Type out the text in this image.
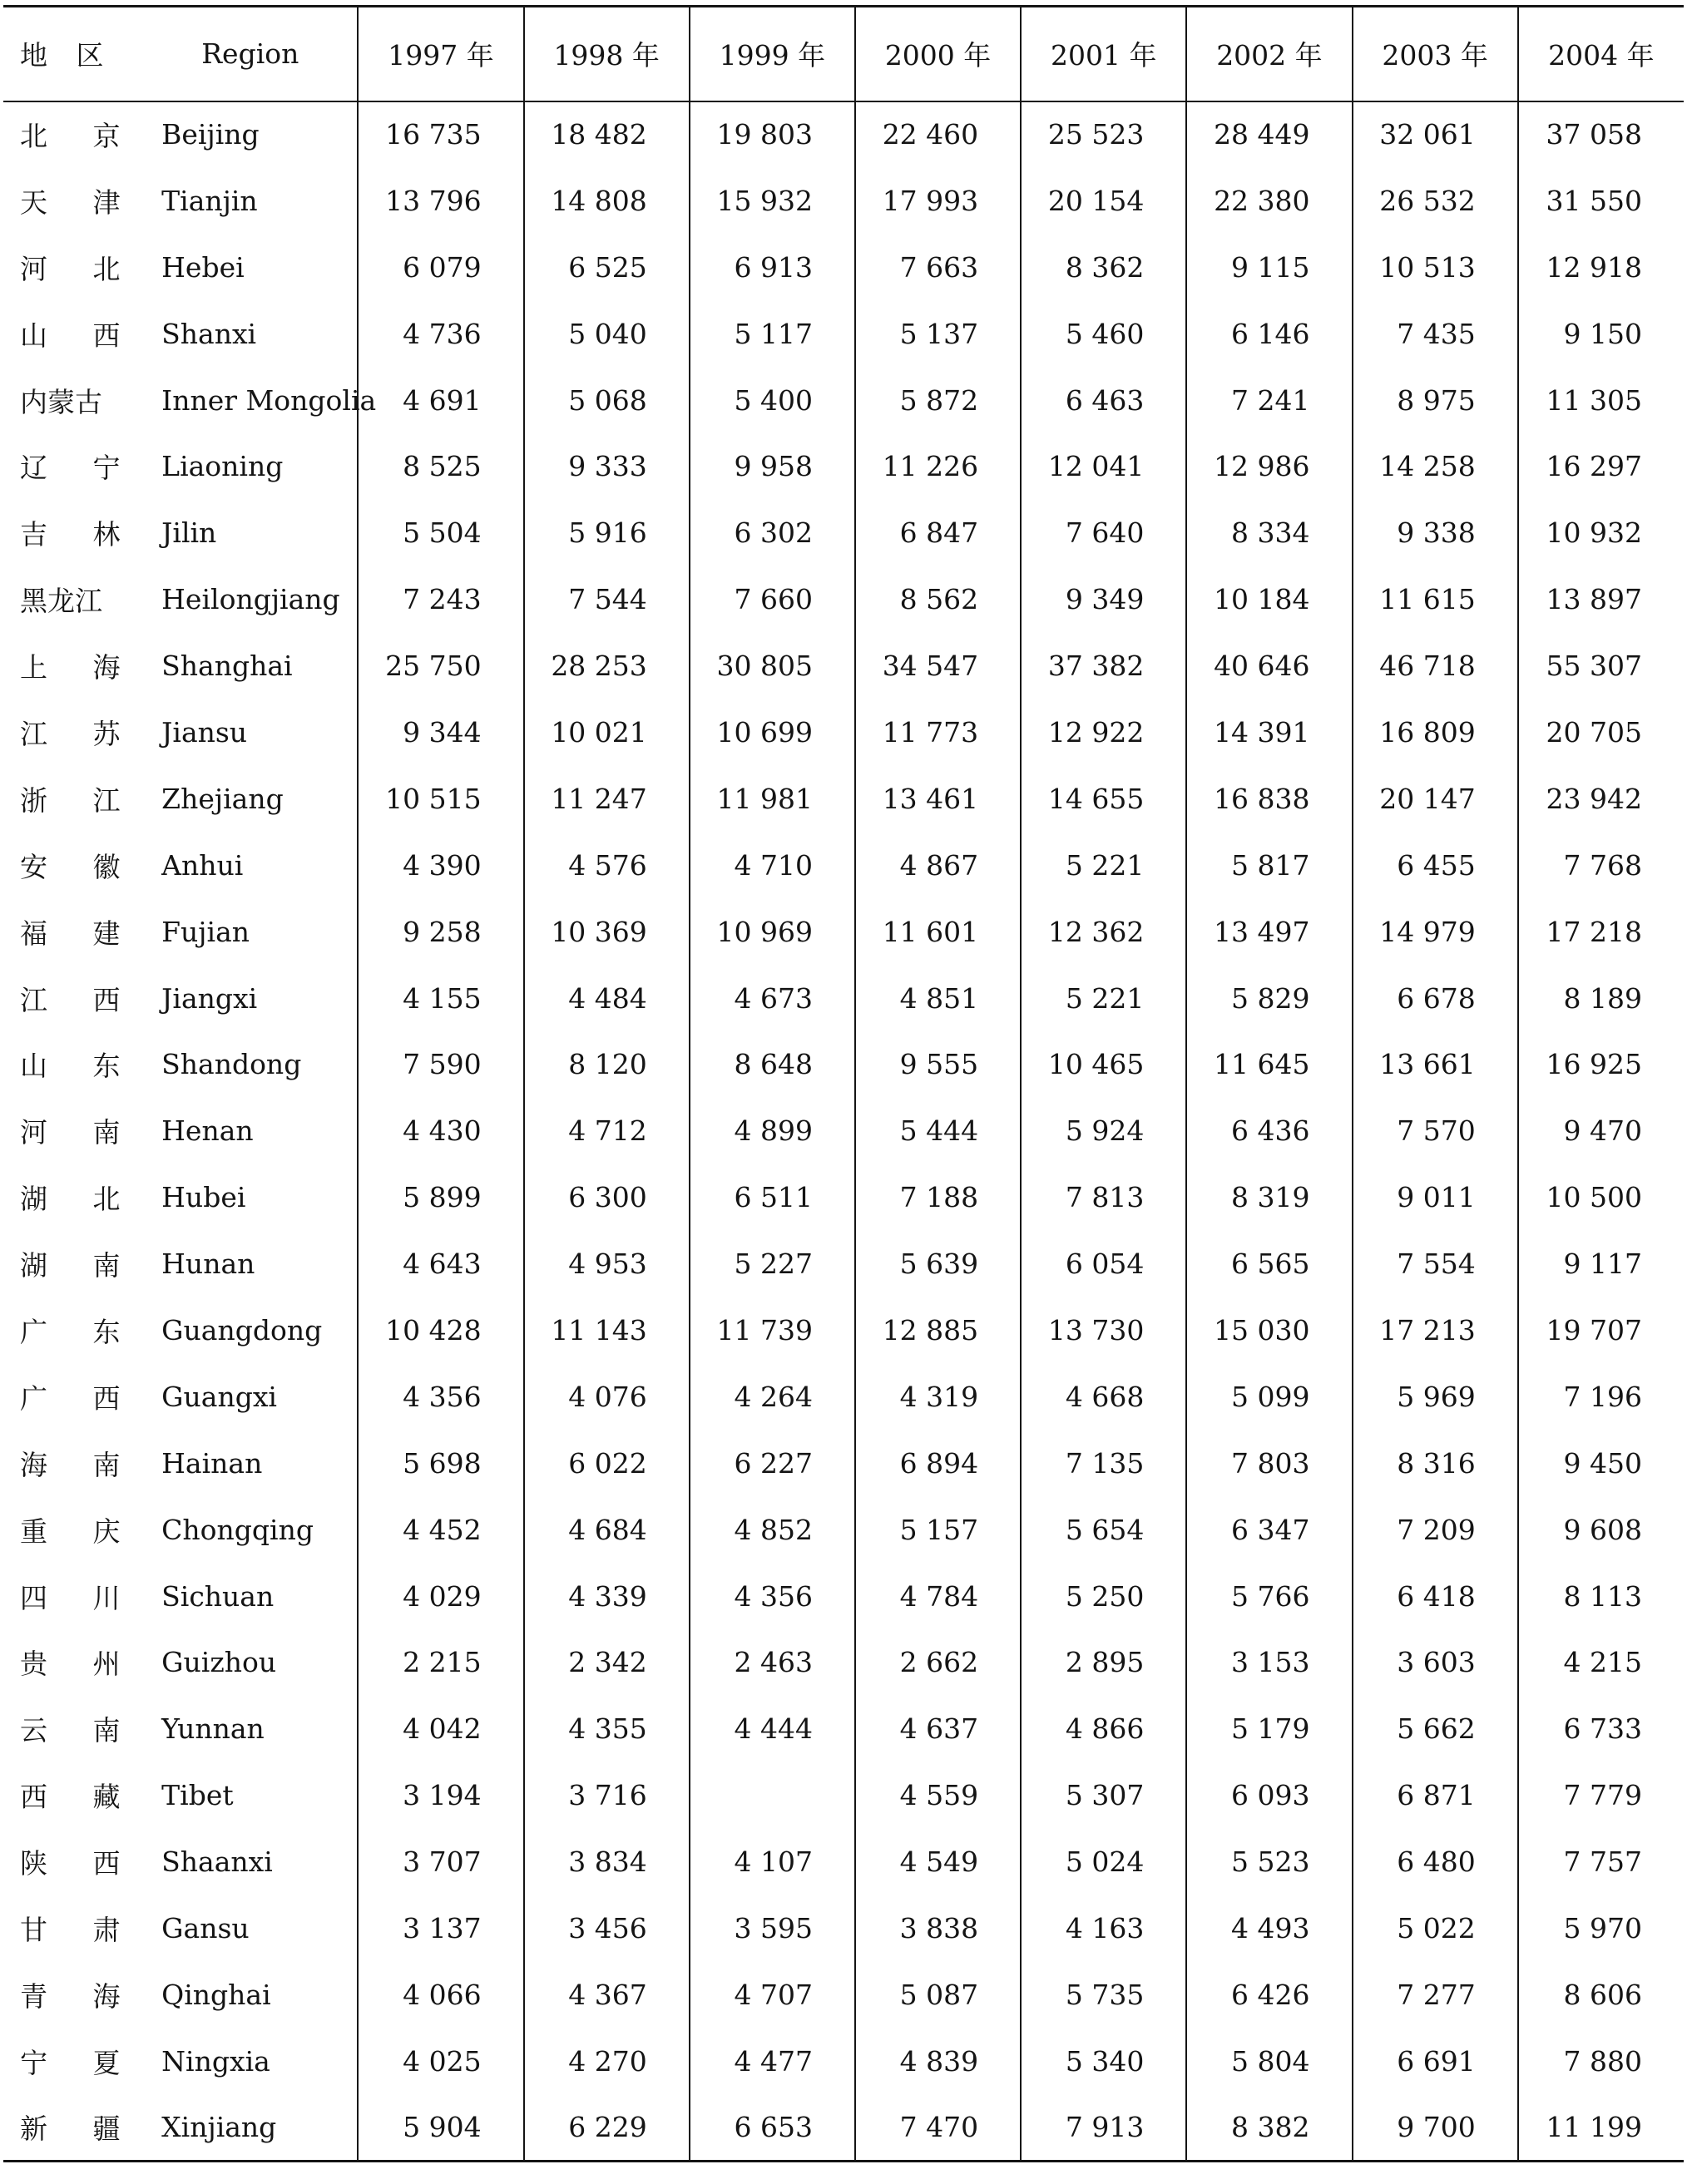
地 区	Region	1997 年	1998 年	1999 年	2000 年	2001 年	2002 年	2003 年	2004 年
北 京	Beijing	16 735	18 482	19 803	22 460	25 523	28 449	32 061	37 058
天 津	Tianjin	13 796	14 808	15 932	17 993	20 154	22 380	26 532	31 550
河 北	Hebei	6 079	6 525	6 913	7 663	8 362	9 115	10 513	12 918
山 西	Shanxi	4 736	5 040	5 117	5 137	5 460	6 146	7 435	9 150
内蒙古	Inner Mongolia	4 691	5 068	5 400	5 872	6 463	7 241	8 975	11 305
辽 宁	Liaoning	8 525	9 333	9 958	11 226	12 041	12 986	14 258	16 297
吉 林	Jilin	5 504	5 916	6 302	6 847	7 640	8 334	9 338	10 932
黑龙江	Heilongjiang	7 243	7 544	7 660	8 562	9 349	10 184	11 615	13 897
上 海	Shanghai	25 750	28 253	30 805	34 547	37 382	40 646	46 718	55 307
江 苏	Jiansu	9 344	10 021	10 699	11 773	12 922	14 391	16 809	20 705
浙 江	Zhejiang	10 515	11 247	11 981	13 461	14 655	16 838	20 147	23 942
安 徽	Anhui	4 390	4 576	4 710	4 867	5 221	5 817	6 455	7 768
福 建	Fujian	9 258	10 369	10 969	11 601	12 362	13 497	14 979	17 218
江 西	Jiangxi	4 155	4 484	4 673	4 851	5 221	5 829	6 678	8 189
山 东	Shandong	7 590	8 120	8 648	9 555	10 465	11 645	13 661	16 925
河 南	Henan	4 430	4 712	4 899	5 444	5 924	6 436	7 570	9 470
湖 北	Hubei	5 899	6 300	6 511	7 188	7 813	8 319	9 011	10 500
湖 南	Hunan	4 643	4 953	5 227	5 639	6 054	6 565	7 554	9 117
广 东	Guangdong	10 428	11 143	11 739	12 885	13 730	15 030	17 213	19 707
广 西	Guangxi	4 356	4 076	4 264	4 319	4 668	5 099	5 969	7 196
海 南	Hainan	5 698	6 022	6 227	6 894	7 135	7 803	8 316	9 450
重 庆	Chongqing	4 452	4 684	4 852	5 157	5 654	6 347	7 209	9 608
四 川	Sichuan	4 029	4 339	4 356	4 784	5 250	5 766	6 418	8 113
贵 州	Guizhou	2 215	2 342	2 463	2 662	2 895	3 153	3 603	4 215
云 南	Yunnan	4 042	4 355	4 444	4 637	4 866	5 179	5 662	6 733
西 藏	Tibet	3 194	3 716		4 559	5 307	6 093	6 871	7 779
陕 西	Shaanxi	3 707	3 834	4 107	4 549	5 024	5 523	6 480	7 757
甘 肃	Gansu	3 137	3 456	3 595	3 838	4 163	4 493	5 022	5 970
青 海	Qinghai	4 066	4 367	4 707	5 087	5 735	6 426	7 277	8 606
宁 夏	Ningxia	4 025	4 270	4 477	4 839	5 340	5 804	6 691	7 880
新 疆	Xinjiang	5 904	6 229	6 653	7 470	7 913	8 382	9 700	11 199
